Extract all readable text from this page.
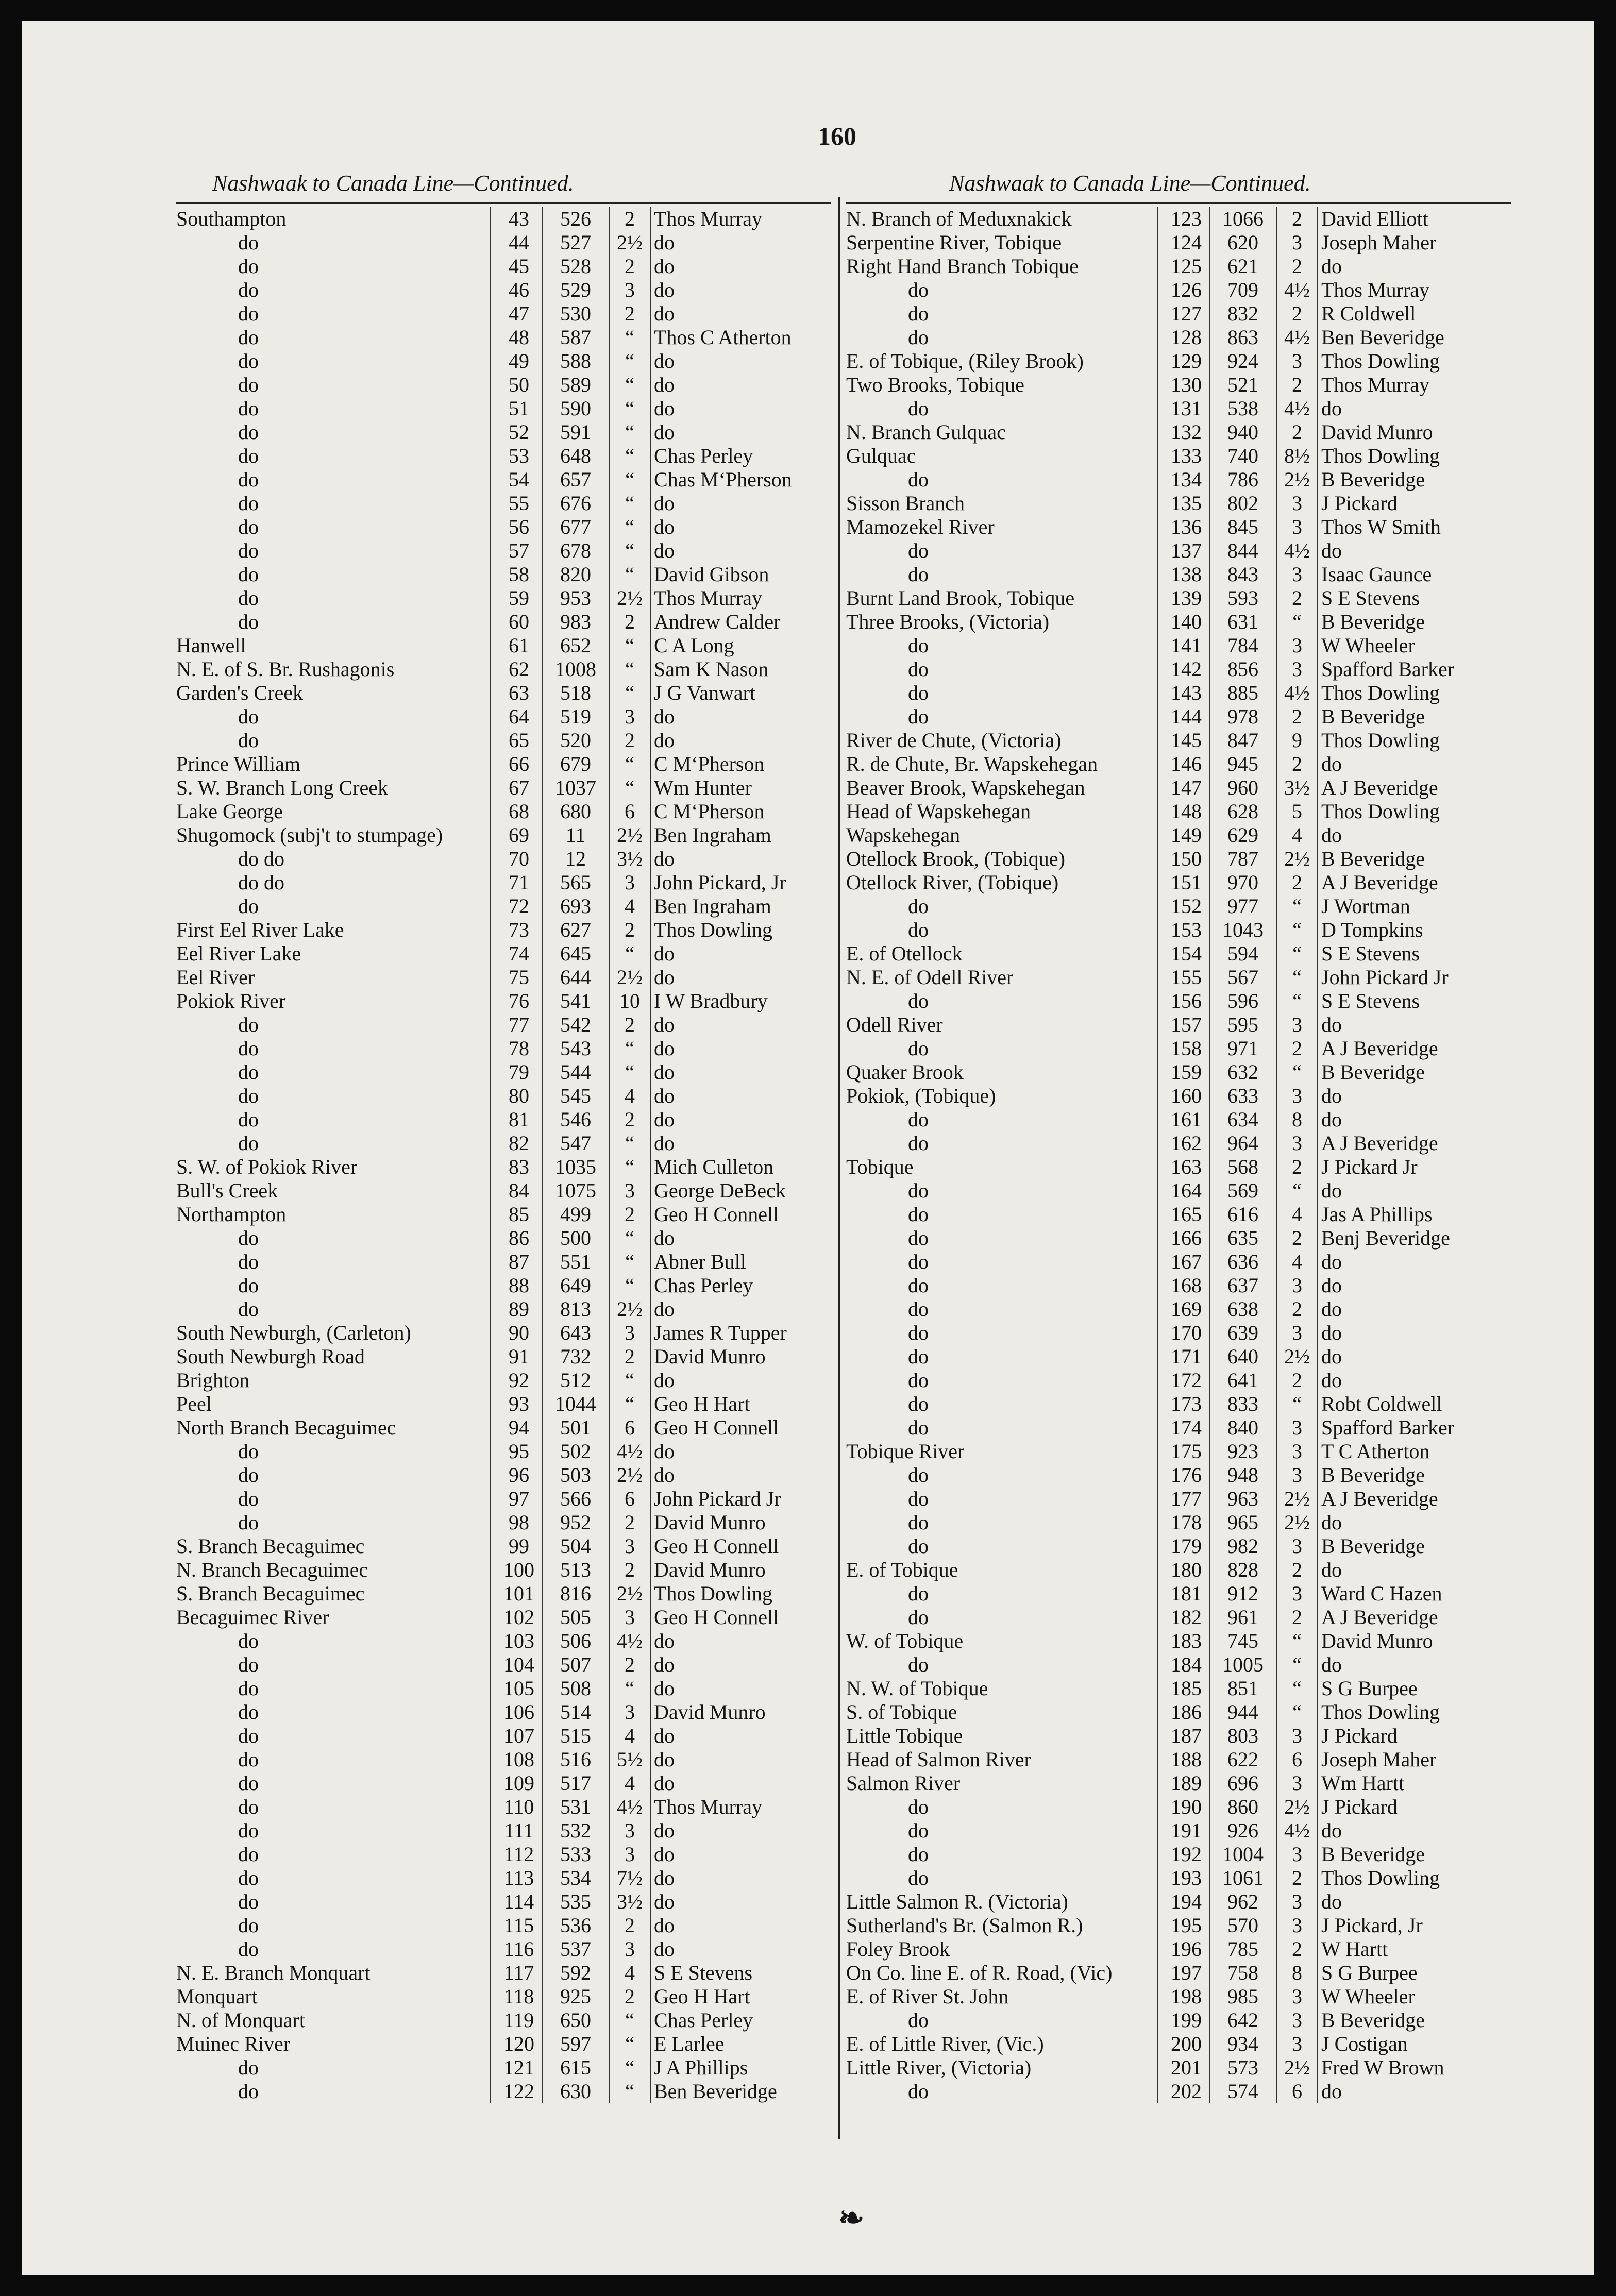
160
Nashwaak to Canada Line—Continued.	Nashwaak to Canada Line—Continued.
Southampton	43	526	2	Thos Murray
do	44	527	2½	do
do	45	528	2	do
do	46	529	3	do
do	47	530	2	do
do	48	587	“	Thos C Atherton
do	49	588	“	do
do	50	589	“	do
do	51	590	“	do
do	52	591	“	do
do	53	648	“	Chas Perley
do	54	657	“	Chas M‘Pherson
do	55	676	“	do
do	56	677	“	do
do	57	678	“	do
do	58	820	“	David Gibson
do	59	953	2½	Thos Murray
do	60	983	2	Andrew Calder
Hanwell	61	652	“	C A Long
N. E. of S. Br. Rushagonis	62	1008	“	Sam K Nason
Garden's Creek	63	518	“	J G Vanwart
do	64	519	3	do
do	65	520	2	do
Prince William	66	679	“	C M‘Pherson
S. W. Branch Long Creek	67	1037	“	Wm Hunter
Lake George	68	680	6	C M‘Pherson
Shugomock (subj't to stumpage)	69	11	2½	Ben Ingraham
do do	70	12	3½	do
do do	71	565	3	John Pickard, Jr
do	72	693	4	Ben Ingraham
First Eel River Lake	73	627	2	Thos Dowling
Eel River Lake	74	645	“	do
Eel River	75	644	2½	do
Pokiok River	76	541	10	I W Bradbury
do	77	542	2	do
do	78	543	“	do
do	79	544	“	do
do	80	545	4	do
do	81	546	2	do
do	82	547	“	do
S. W. of Pokiok River	83	1035	“	Mich Culleton
Bull's Creek	84	1075	3	George DeBeck
Northampton	85	499	2	Geo H Connell
do	86	500	“	do
do	87	551	“	Abner Bull
do	88	649	“	Chas Perley
do	89	813	2½	do
South Newburgh, (Carleton)	90	643	3	James R Tupper
South Newburgh Road	91	732	2	David Munro
Brighton	92	512	“	do
Peel	93	1044	“	Geo H Hart
North Branch Becaguimec	94	501	6	Geo H Connell
do	95	502	4½	do
do	96	503	2½	do
do	97	566	6	John Pickard Jr
do	98	952	2	David Munro
S. Branch Becaguimec	99	504	3	Geo H Connell
N. Branch Becaguimec	100	513	2	David Munro
S. Branch Becaguimec	101	816	2½	Thos Dowling
Becaguimec River	102	505	3	Geo H Connell
do	103	506	4½	do
do	104	507	2	do
do	105	508	“	do
do	106	514	3	David Munro
do	107	515	4	do
do	108	516	5½	do
do	109	517	4	do
do	110	531	4½	Thos Murray
do	111	532	3	do
do	112	533	3	do
do	113	534	7½	do
do	114	535	3½	do
do	115	536	2	do
do	116	537	3	do
N. E. Branch Monquart	117	592	4	S E Stevens
Monquart	118	925	2	Geo H Hart
N. of Monquart	119	650	“	Chas Perley
Muinec River	120	597	“	E Larlee
do	121	615	“	J A Phillips
do	122	630	“	Ben Beveridge
N. Branch of Meduxnakick	123	1066	2	David Elliott
Serpentine River, Tobique	124	620	3	Joseph Maher
Right Hand Branch Tobique	125	621	2	do
do	126	709	4½	Thos Murray
do	127	832	2	R Coldwell
do	128	863	4½	Ben Beveridge
E. of Tobique, (Riley Brook)	129	924	3	Thos Dowling
Two Brooks, Tobique	130	521	2	Thos Murray
do	131	538	4½	do
N. Branch Gulquac	132	940	2	David Munro
Gulquac	133	740	8½	Thos Dowling
do	134	786	2½	B Beveridge
Sisson Branch	135	802	3	J Pickard
Mamozekel River	136	845	3	Thos W Smith
do	137	844	4½	do
do	138	843	3	Isaac Gaunce
Burnt Land Brook, Tobique	139	593	2	S E Stevens
Three Brooks, (Victoria)	140	631	“	B Beveridge
do	141	784	3	W Wheeler
do	142	856	3	Spafford Barker
do	143	885	4½	Thos Dowling
do	144	978	2	B Beveridge
River de Chute, (Victoria)	145	847	9	Thos Dowling
R. de Chute, Br. Wapskehegan	146	945	2	do
Beaver Brook, Wapskehegan	147	960	3½	A J Beveridge
Head of Wapskehegan	148	628	5	Thos Dowling
Wapskehegan	149	629	4	do
Otellock Brook, (Tobique)	150	787	2½	B Beveridge
Otellock River, (Tobique)	151	970	2	A J Beveridge
do	152	977	“	J Wortman
do	153	1043	“	D Tompkins
E. of Otellock	154	594	“	S E Stevens
N. E. of Odell River	155	567	“	John Pickard Jr
do	156	596	“	S E Stevens
Odell River	157	595	3	do
do	158	971	2	A J Beveridge
Quaker Brook	159	632	“	B Beveridge
Pokiok, (Tobique)	160	633	3	do
do	161	634	8	do
do	162	964	3	A J Beveridge
Tobique	163	568	2	J Pickard Jr
do	164	569	“	do
do	165	616	4	Jas A Phillips
do	166	635	2	Benj Beveridge
do	167	636	4	do
do	168	637	3	do
do	169	638	2	do
do	170	639	3	do
do	171	640	2½	do
do	172	641	2	do
do	173	833	“	Robt Coldwell
do	174	840	3	Spafford Barker
Tobique River	175	923	3	T C Atherton
do	176	948	3	B Beveridge
do	177	963	2½	A J Beveridge
do	178	965	2½	do
do	179	982	3	B Beveridge
E. of Tobique	180	828	2	do
do	181	912	3	Ward C Hazen
do	182	961	2	A J Beveridge
W. of Tobique	183	745	“	David Munro
do	184	1005	“	do
N. W. of Tobique	185	851	“	S G Burpee
S. of Tobique	186	944	“	Thos Dowling
Little Tobique	187	803	3	J Pickard
Head of Salmon River	188	622	6	Joseph Maher
Salmon River	189	696	3	Wm Hartt
do	190	860	2½	J Pickard
do	191	926	4½	do
do	192	1004	3	B Beveridge
do	193	1061	2	Thos Dowling
Little Salmon R. (Victoria)	194	962	3	do
Sutherland's Br. (Salmon R.)	195	570	3	J Pickard, Jr
Foley Brook	196	785	2	W Hartt
On Co. line E. of R. Road, (Vic)	197	758	8	S G Burpee
E. of River St. John	198	985	3	W Wheeler
do	199	642	3	B Beveridge
E. of Little River, (Vic.)	200	934	3	J Costigan
Little River, (Victoria)	201	573	2½	Fred W Brown
do	202	574	6	do
❧
